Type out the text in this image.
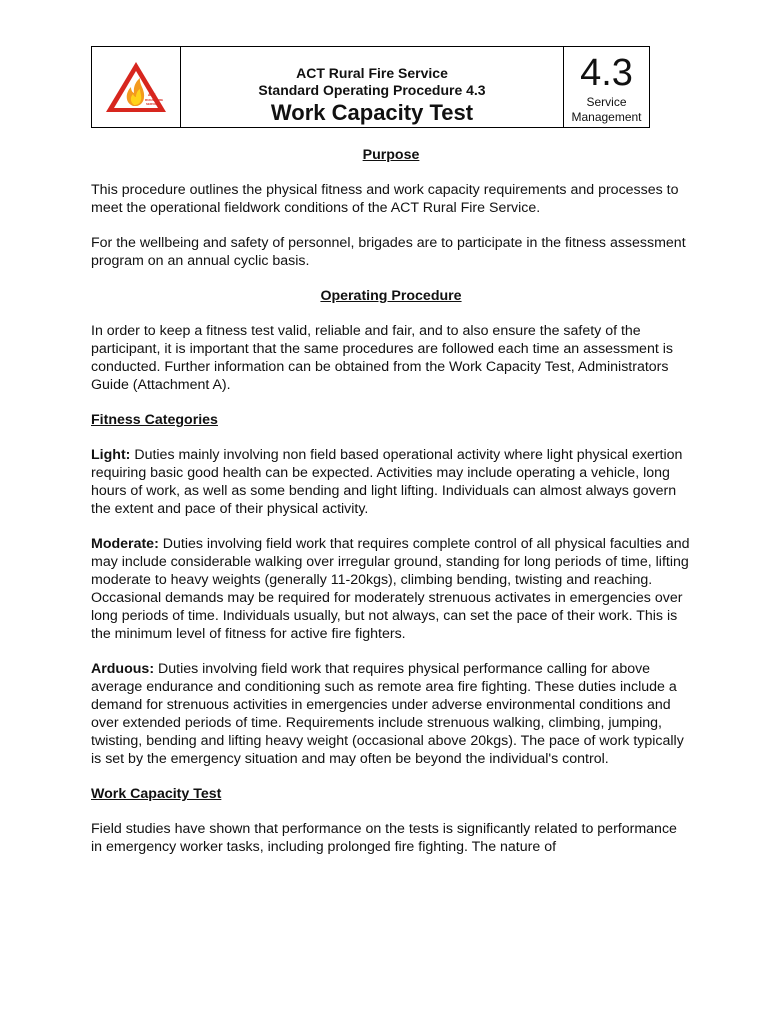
ACT
RURAL FIRE
SERVICE
ACT Rural Fire Service
Standard Operating Procedure 4.3
Work Capacity Test
4.3
Service
Management

Purpose

This procedure outlines the physical fitness and work capacity requirements and processes to meet the operational fieldwork conditions of the ACT Rural Fire Service.

For the wellbeing and safety of personnel, brigades are to participate in the fitness assessment program on an annual cyclic basis.

Operating Procedure

In order to keep a fitness test valid, reliable and fair, and to also ensure the safety of the participant, it is important that the same procedures are followed each time an assessment is conducted. Further information can be obtained from the Work Capacity Test, Administrators Guide (Attachment A).

Fitness Categories

Light: Duties mainly involving non field based operational activity where light physical exertion requiring basic good health can be expected. Activities may include operating a vehicle, long hours of work, as well as some bending and light lifting. Individuals can almost always govern the extent and pace of their physical activity.

Moderate: Duties involving field work that requires complete control of all physical faculties and may include considerable walking over irregular ground, standing for long periods of time, lifting moderate to heavy weights (generally 11-20kgs), climbing bending, twisting and reaching. Occasional demands may be required for moderately strenuous activates in emergencies over long periods of time. Individuals usually, but not always, can set the pace of their work. This is the minimum level of fitness for active fire fighters.

Arduous: Duties involving field work that requires physical performance calling for above average endurance and conditioning such as remote area fire fighting. These duties include a demand for strenuous activities in emergencies under adverse environmental conditions and over extended periods of time. Requirements include strenuous walking, climbing, jumping, twisting, bending and lifting heavy weight (occasional above 20kgs). The pace of work typically is set by the emergency situation and may often be beyond the individual's control.

Work Capacity Test

Field studies have shown that performance on the tests is significantly related to performance in emergency worker tasks, including prolonged fire fighting. The nature of
